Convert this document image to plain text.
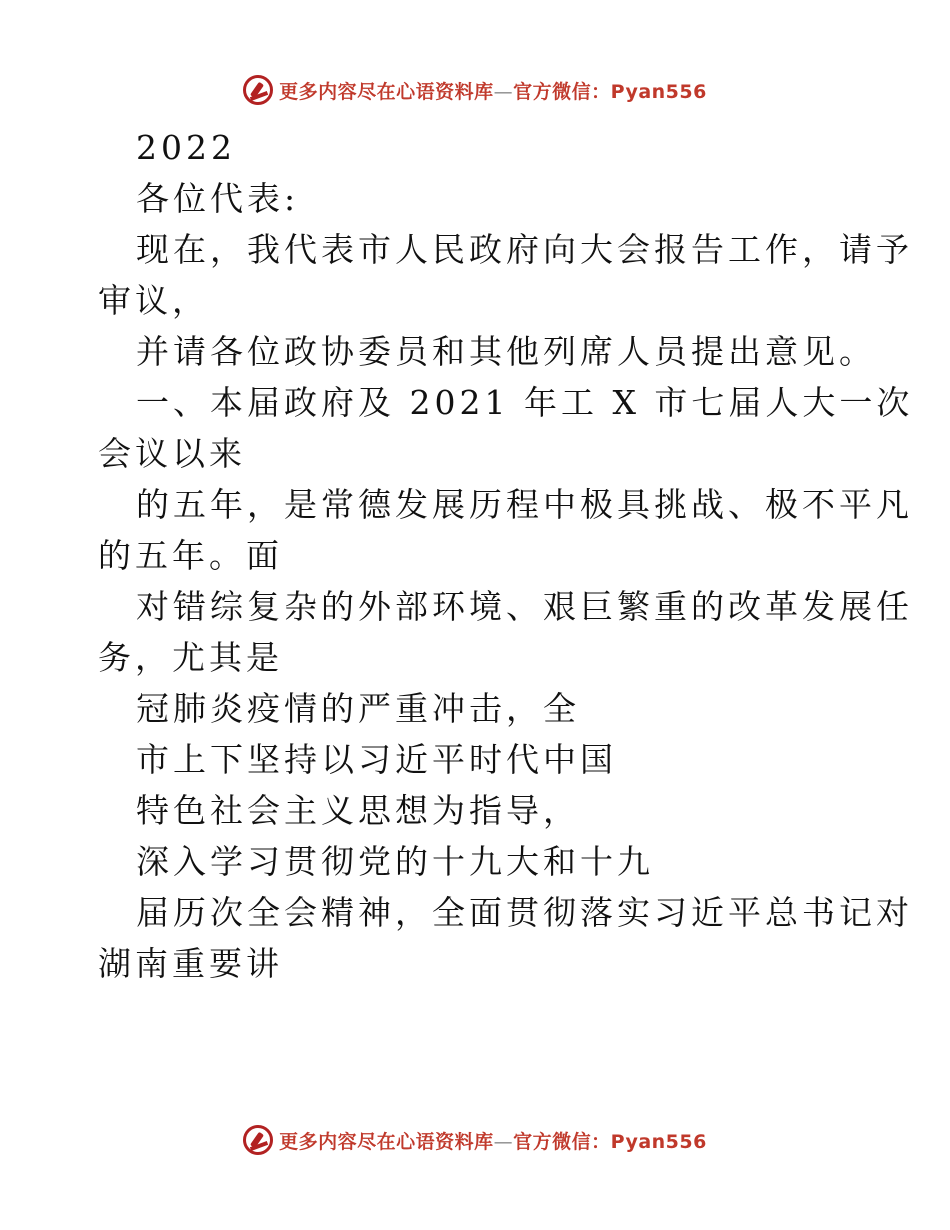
更多内容尽在心语资料库—官方微信：Pyan556
2022
各位代表:
现在，我代表市人民政府向大会报告工作，请予
审议，
并请各位政协委员和其他列席人员提出意见。
一、本届政府及 2021 年工 X 市七届人大一次
会议以来
的五年，是常德发展历程中极具挑战、极不平凡
的五年。面
对错综复杂的外部环境、艰巨繁重的改革发展任
务，尤其是
冠肺炎疫情的严重冲击，全
市上下坚持以习近平时代中国
特色社会主义思想为指导，
深入学习贯彻党的十九大和十九
届历次全会精神，全面贯彻落实习近平总书记对
湖南重要讲
更多内容尽在心语资料库—官方微信：Pyan556
